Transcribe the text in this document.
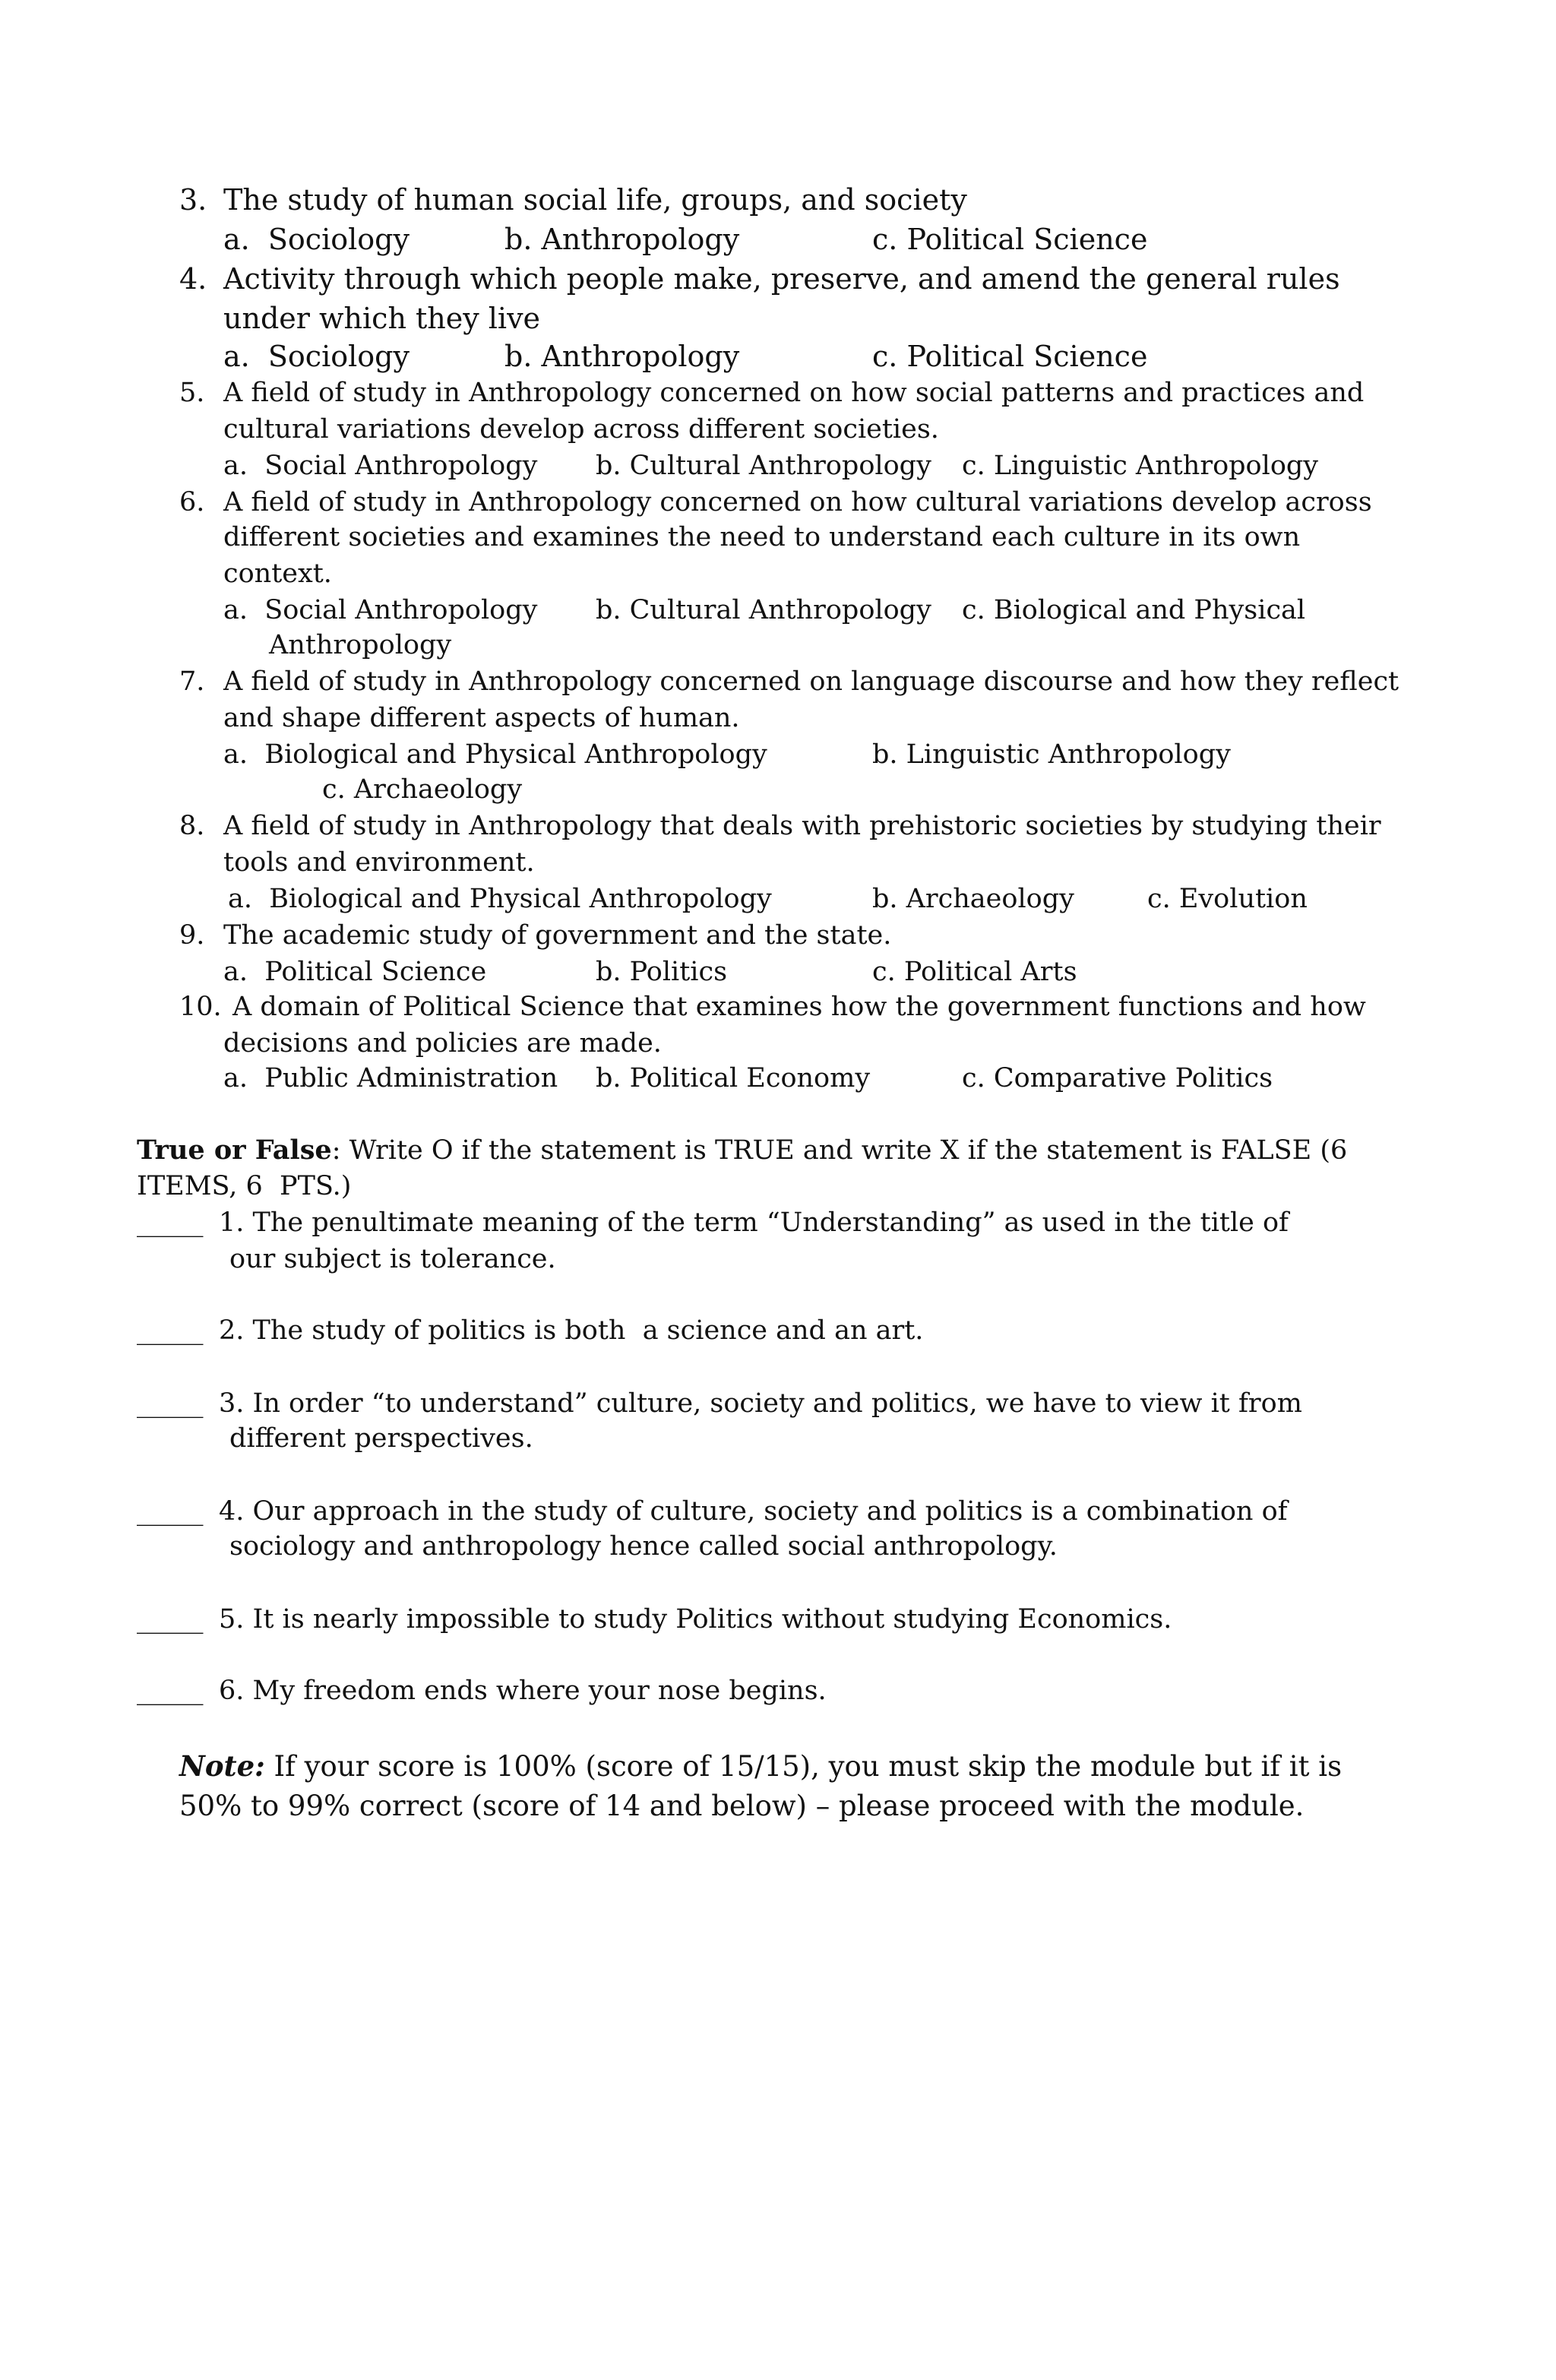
3. The study of human social life, groups, and society
a.  Sociology	b. Anthropology	c. Political Science
4. Activity through which people make, preserve, and amend the general rules
under which they live
a.  Sociology	b. Anthropology	c. Political Science
5. A field of study in Anthropology concerned on how social patterns and practices and
cultural variations develop across different societies.
a.  Social Anthropology b. Cultural Anthropology c. Linguistic Anthropology
6. A field of study in Anthropology concerned on how cultural variations develop across
different societies and examines the need to understand each culture in its own
context.
a.  Social Anthropology b. Cultural Anthropology c. Biological and Physical
Anthropology
7. A field of study in Anthropology concerned on language discourse and how they reflect
and shape different aspects of human.
a.  Biological and Physical Anthropology	b. Linguistic Anthropology
c. Archaeology
8. A field of study in Anthropology that deals with prehistoric societies by studying their
tools and environment.
a.  Biological and Physical Anthropology	b. Archaeology	c. Evolution
9. The academic study of government and the state.
a.  Political Science	b. Politics	c. Political Arts
10. A domain of Political Science that examines how the government functions and how
decisions and policies are made.
a.  Public Administration b. Political Economy	c. Comparative Politics
True or False: Write O if the statement is TRUE and write X if the statement is FALSE (6
ITEMS, 6  PTS.)
_____ 1. The penultimate meaning of the term “Understanding” as used in the title of
our subject is tolerance.
_____ 2. The study of politics is both  a science and an art.
_____ 3. In order “to understand” culture, society and politics, we have to view it from
different perspectives.
_____ 4. Our approach in the study of culture, society and politics is a combination of
sociology and anthropology hence called social anthropology.
_____ 5. It is nearly impossible to study Politics without studying Economics.
_____ 6. My freedom ends where your nose begins.
Note: If your score is 100% (score of 15/15), you must skip the module but if it is
50% to 99% correct (score of 14 and below) – please proceed with the module.
